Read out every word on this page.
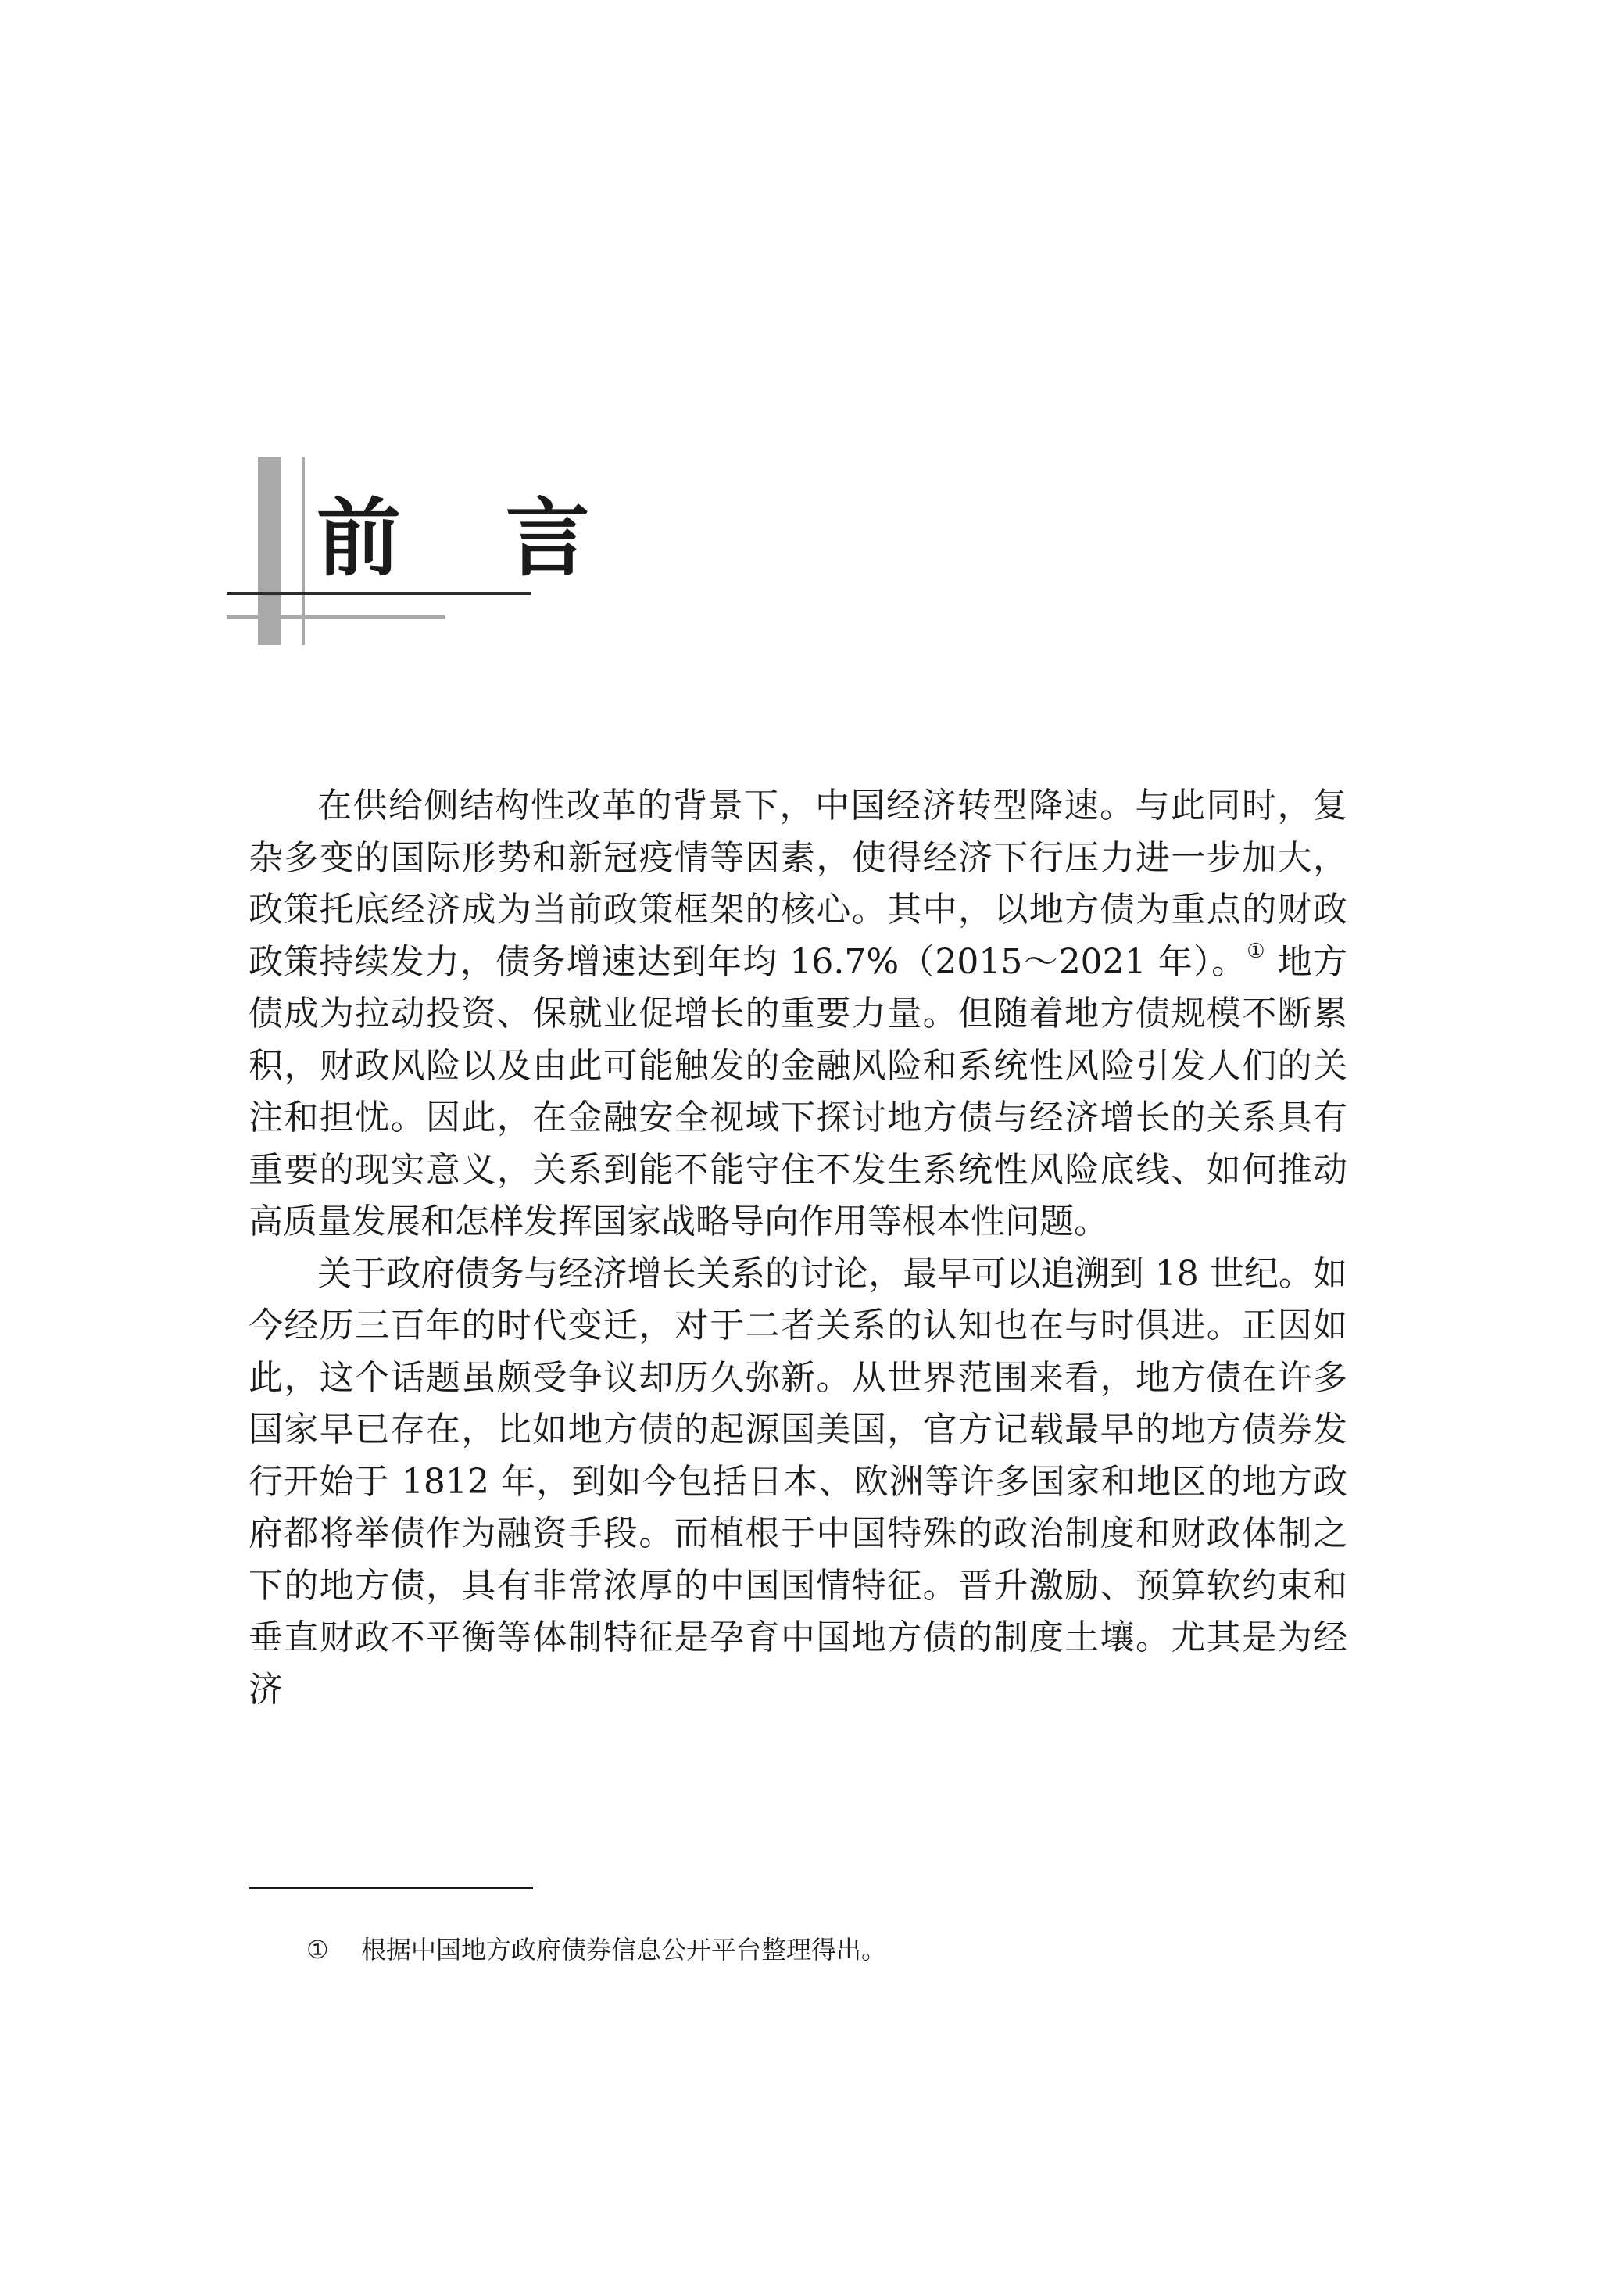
前 言

在供给侧结构性改革的背景下，中国经济转型降速。与此同时，复杂多变的国际形势和新冠疫情等因素，使得经济下行压力进一步加大，政策托底经济成为当前政策框架的核心。其中，以地方债为重点的财政政策持续发力，债务增速达到年均 16.7%（2015～2021 年）。① 地方债成为拉动投资、保就业促增长的重要力量。但随着地方债规模不断累积，财政风险以及由此可能触发的金融风险和系统性风险引发人们的关注和担忧。因此，在金融安全视域下探讨地方债与经济增长的关系具有重要的现实意义，关系到能不能守住不发生系统性风险底线、如何推动高质量发展和怎样发挥国家战略导向作用等根本性问题。

关于政府债务与经济增长关系的讨论，最早可以追溯到 18 世纪。如今经历三百年的时代变迁，对于二者关系的认知也在与时俱进。正因如此，这个话题虽颇受争议却历久弥新。从世界范围来看，地方债在许多国家早已存在，比如地方债的起源国美国，官方记载最早的地方债券发行开始于 1812 年，到如今包括日本、欧洲等许多国家和地区的地方政府都将举债作为融资手段。而植根于中国特殊的政治制度和财政体制之下的地方债，具有非常浓厚的中国国情特征。晋升激励、预算软约束和垂直财政不平衡等体制特征是孕育中国地方债的制度土壤。尤其是为经济

① 根据中国地方政府债券信息公开平台整理得出。
